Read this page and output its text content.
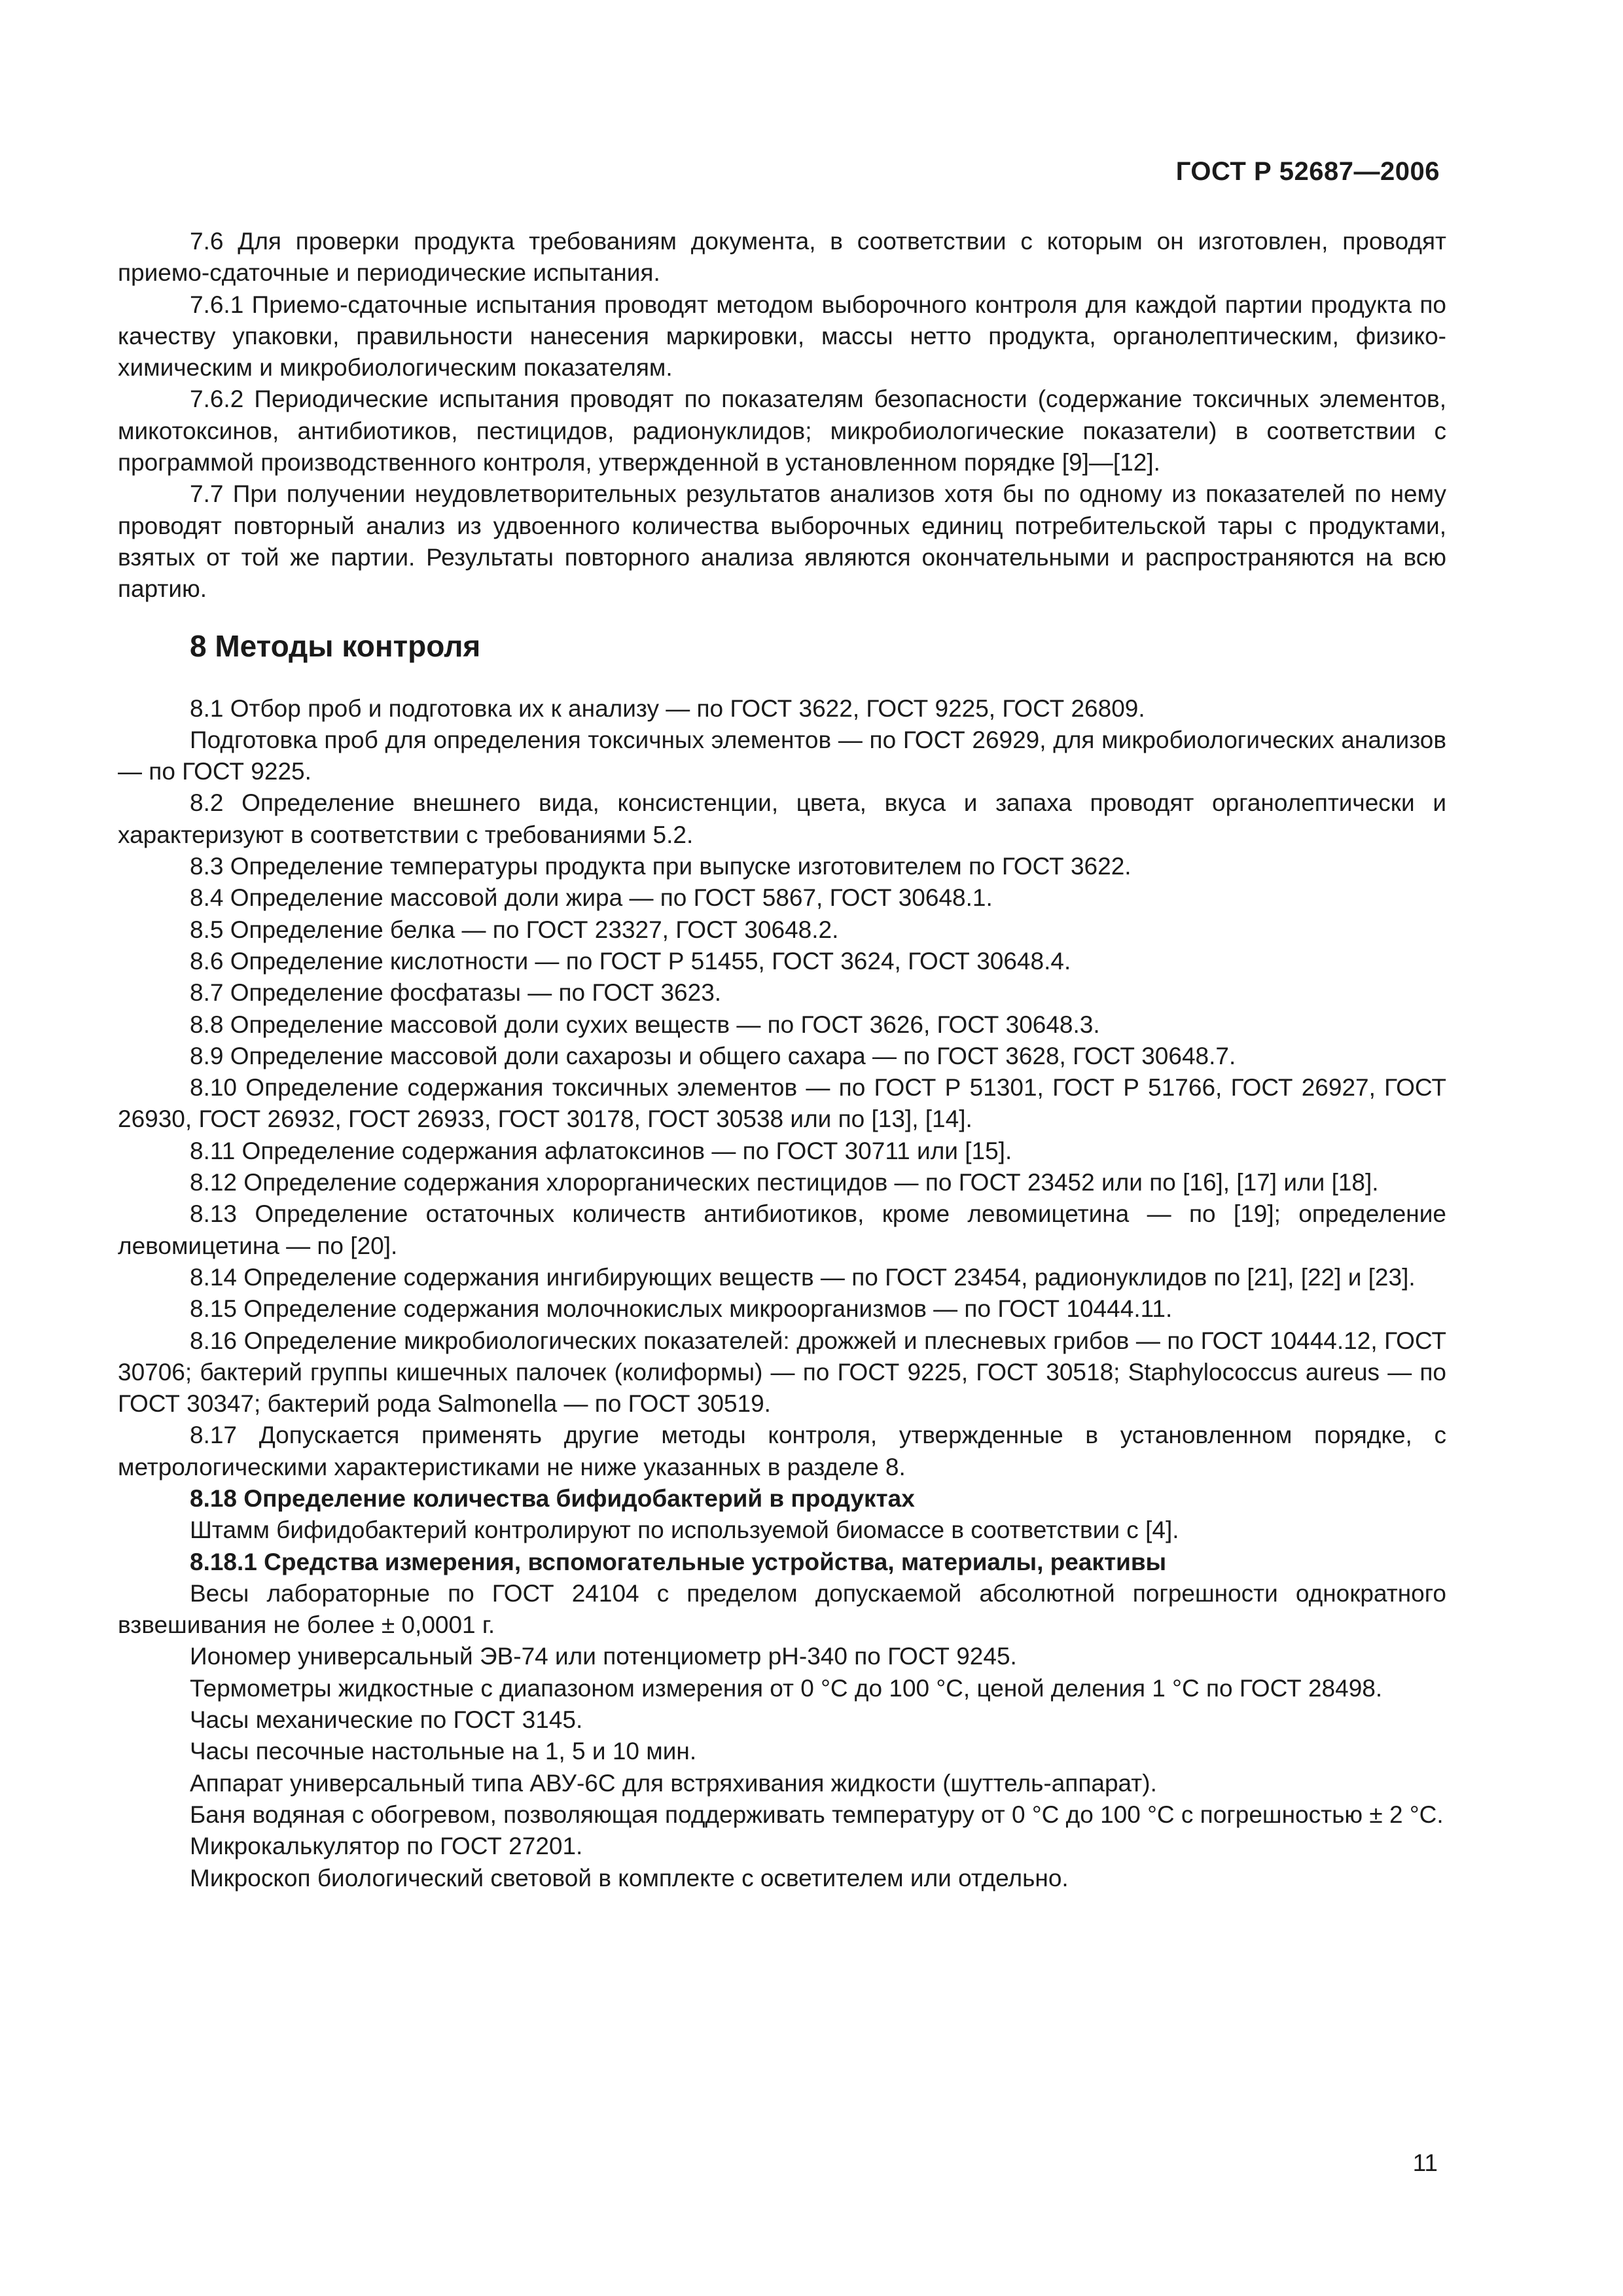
ГОСТ Р 52687—2006

7.6 Для проверки продукта требованиям документа, в соответствии с которым он изготовлен, проводят приемо-сдаточные и периодические испытания.

7.6.1 Приемо-сдаточные испытания проводят методом выборочного контроля для каждой партии продукта по качеству упаковки, правильности нанесения маркировки, массы нетто продукта, органолептическим, физико-химическим и микробиологическим показателям.

7.6.2 Периодические испытания проводят по показателям безопасности (содержание токсичных элементов, микотоксинов, антибиотиков, пестицидов, радионуклидов; микробиологические показатели) в соответствии с программой производственного контроля, утвержденной в установленном порядке [9]—[12].

7.7 При получении неудовлетворительных результатов анализов хотя бы по одному из показателей по нему проводят повторный анализ из удвоенного количества выборочных единиц потребительской тары с продуктами, взятых от той же партии. Результаты повторного анализа являются окончательными и распространяются на всю партию.

8 Методы контроля

8.1 Отбор проб и подготовка их к анализу — по ГОСТ 3622, ГОСТ 9225, ГОСТ 26809.

Подготовка проб для определения токсичных элементов — по ГОСТ 26929, для микробиологических анализов — по ГОСТ 9225.

8.2 Определение внешнего вида, консистенции, цвета, вкуса и запаха проводят органолептически и характеризуют в соответствии с требованиями 5.2.

8.3 Определение температуры продукта при выпуске изготовителем по ГОСТ 3622.

8.4 Определение массовой доли жира — по ГОСТ 5867, ГОСТ 30648.1.

8.5 Определение белка — по ГОСТ 23327, ГОСТ 30648.2.

8.6 Определение кислотности — по ГОСТ Р 51455, ГОСТ 3624, ГОСТ 30648.4.

8.7 Определение фосфатазы — по ГОСТ 3623.

8.8 Определение массовой доли сухих веществ — по ГОСТ 3626, ГОСТ 30648.3.

8.9 Определение массовой доли сахарозы и общего сахара — по ГОСТ 3628, ГОСТ 30648.7.

8.10 Определение содержания токсичных элементов — по ГОСТ Р 51301, ГОСТ Р 51766, ГОСТ 26927, ГОСТ 26930, ГОСТ 26932, ГОСТ 26933, ГОСТ 30178, ГОСТ 30538 или по [13], [14].

8.11 Определение содержания афлатоксинов — по ГОСТ 30711 или [15].

8.12 Определение содержания хлорорганических пестицидов — по ГОСТ 23452 или по [16], [17] или [18].

8.13 Определение остаточных количеств антибиотиков, кроме левомицетина — по [19]; определение левомицетина — по [20].

8.14 Определение содержания ингибирующих веществ — по ГОСТ 23454, радионуклидов по [21], [22] и [23].

8.15 Определение содержания молочнокислых микроорганизмов — по ГОСТ 10444.11.

8.16 Определение микробиологических показателей: дрожжей и плесневых грибов — по ГОСТ 10444.12, ГОСТ 30706; бактерий группы кишечных палочек (колиформы) — по ГОСТ 9225, ГОСТ 30518; Staphylococcus aureus — по ГОСТ 30347; бактерий рода Salmonella — по ГОСТ 30519.

8.17 Допускается применять другие методы контроля, утвержденные в установленном порядке, с метрологическими характеристиками не ниже указанных в разделе 8.

8.18 Определение количества бифидобактерий в продуктах

Штамм бифидобактерий контролируют по используемой биомассе в соответствии с [4].

8.18.1 Средства измерения, вспомогательные устройства, материалы, реактивы

Весы лабораторные по ГОСТ 24104 с пределом допускаемой абсолютной погрешности однократного взвешивания не более ± 0,0001 г.

Иономер универсальный ЭВ-74 или потенциометр рН-340 по ГОСТ 9245.

Термометры жидкостные с диапазоном измерения от 0 °С до 100 °С, ценой деления 1 °С по ГОСТ 28498.

Часы механические по ГОСТ 3145.

Часы песочные настольные на 1, 5 и 10 мин.

Аппарат универсальный типа АВУ-6С для встряхивания жидкости (шуттель-аппарат).

Баня водяная с обогревом, позволяющая поддерживать температуру от 0 °С до 100 °С с погрешностью ± 2 °С.

Микрокалькулятор по ГОСТ 27201.

Микроскоп биологический световой в комплекте с осветителем или отдельно.

11
